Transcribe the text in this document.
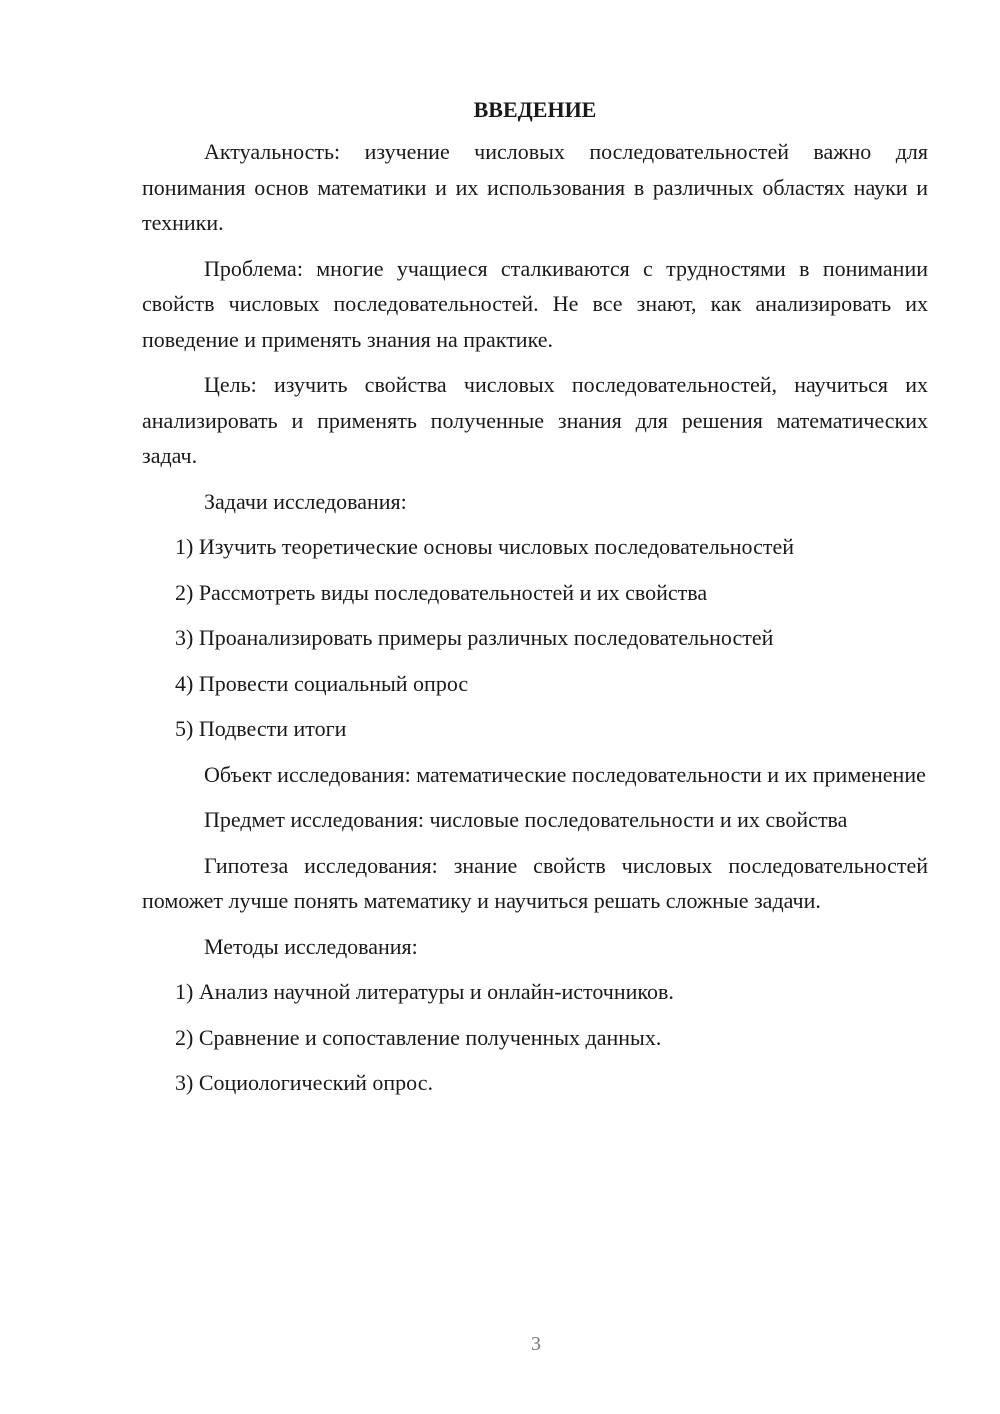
ВВЕДЕНИЕ

Актуальность: изучение числовых последовательностей важно для понимания основ математики и их использования в различных областях науки и техники.

Проблема: многие учащиеся сталкиваются с трудностями в понимании свойств числовых последовательностей. Не все знают, как анализировать их поведение и применять знания на практике.

Цель: изучить свойства числовых последовательностей, научиться их анализировать и применять полученные знания для решения математических задач.

Задачи исследования:

1) Изучить теоретические основы числовых последовательностей
2) Рассмотреть виды последовательностей и их свойства
3) Проанализировать примеры различных последовательностей
4) Провести социальный опрос
5) Подвести итоги

Объект исследования: математические последовательности и их применение

Предмет исследования: числовые последовательности и их свойства

Гипотеза исследования: знание свойств числовых последовательностей поможет лучше понять математику и научиться решать сложные задачи.

Методы исследования:

1) Анализ научной литературы и онлайн-источников.
2) Сравнение и сопоставление полученных данных.
3) Социологический опрос.
3
